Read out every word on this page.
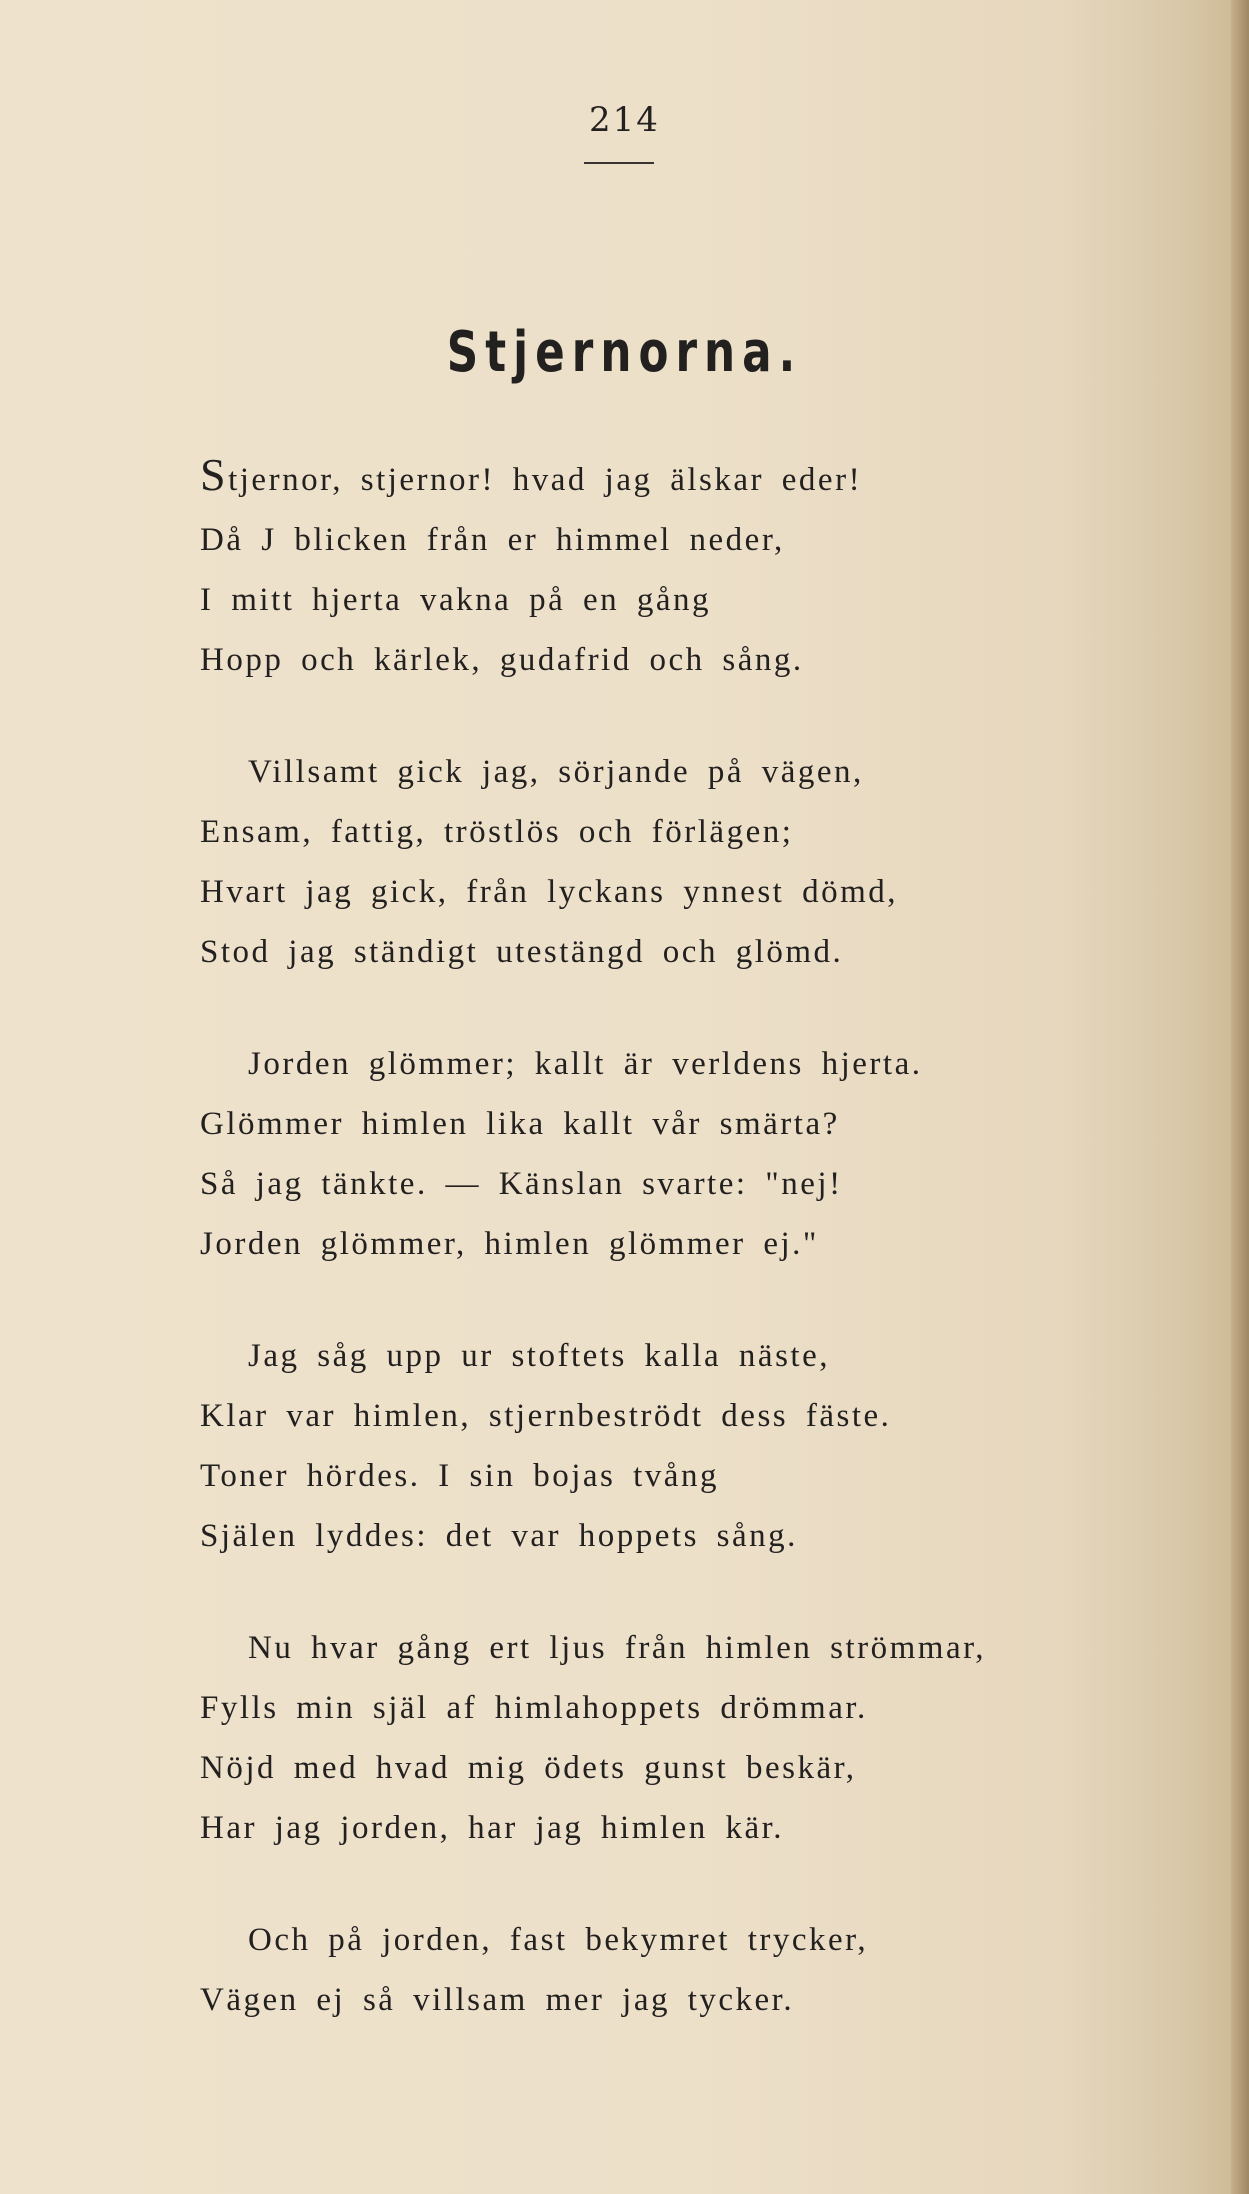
214
Stjernorna.
Stjernor, stjernor! hvad jag älskar eder!
Då J blicken från er himmel neder,
I mitt hjerta vakna på en gång
Hopp och kärlek, gudafrid och sång.
Villsamt gick jag, sörjande på vägen,
Ensam, fattig, tröstlös och förlägen;
Hvart jag gick, från lyckans ynnest dömd,
Stod jag ständigt utestängd och glömd.
Jorden glömmer; kallt är verldens hjerta.
Glömmer himlen lika kallt vår smärta?
Så jag tänkte. — Känslan svarte: "nej!
Jorden glömmer, himlen glömmer ej."
Jag såg upp ur stoftets kalla näste,
Klar var himlen, stjernbeströdt dess fäste.
Toner hördes. I sin bojas tvång
Själen lyddes: det var hoppets sång.
Nu hvar gång ert ljus från himlen strömmar,
Fylls min själ af himlahoppets drömmar.
Nöjd med hvad mig ödets gunst beskär,
Har jag jorden, har jag himlen kär.
Och på jorden, fast bekymret trycker,
Vägen ej så villsam mer jag tycker.
